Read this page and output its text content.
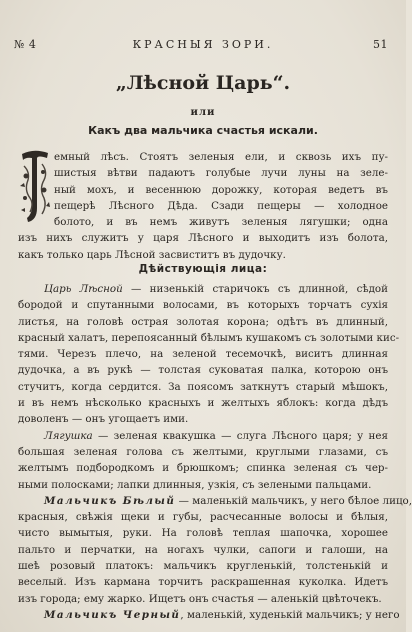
№ 4	КРАСНЫЯ ЗОРИ.	51
„Лѣсной Царь“.
или
Какъ два мальчика счастья искали.
емный лѣсъ. Стоятъ зеленыя ели, и сквозь ихъ пу-
шистыя вѣтви падаютъ голубые лучи луны на зеле-
ный мохъ, и весеннюю дорожку, которая ведетъ въ
пещерѣ Лѣсного Дѣда. Сзади пещеры — холодное
болото, и въ немъ живутъ зеленыя лягушки; одна
изъ нихъ служитъ у царя Лѣсного и выходитъ изъ болота,
какъ только царь Лѣсной засвиститъ въ дудочку.
Дѣйствующія лица:
Царь Лѣсной — низенькій старичокъ съ длинной, сѣдой
бородой и спутанными волосами, въ которыхъ торчатъ сухія
листья, на головѣ острая золотая корона; одѣтъ въ длинный,
красный халатъ, перепоясанный бѣлымъ кушакомъ съ золотыми кис-
тями. Черезъ плечо, на зеленой тесемочкѣ, виситъ длинная
дудочка, а въ рукѣ — толстая суковатая палка, которою онъ
стучитъ, когда сердится. За поясомъ заткнутъ старый мѣшокъ,
и въ немъ нѣсколько красныхъ и желтыхъ яблокъ: когда дѣдъ
доволенъ — онъ угощаетъ ими.
Лягушка — зеленая квакушка — слуга Лѣсного царя; у нея
большая зеленая голова съ желтыми, круглыми глазами, съ
желтымъ подбородкомъ и брюшкомъ; спинка зеленая съ чер-
ными полосками; лапки длинныя, узкія, съ зелеными пальцами.
Мальчикъ Бѣлый — маленькій мальчикъ, у него бѣлое лицо,
красныя, свѣжія щеки и губы, расчесанные волосы и бѣлыя,
чисто вымытыя, руки. На головѣ теплая шапочка, хорошее
пальто и перчатки, на ногахъ чулки, сапоги и галоши, на
шеѣ розовый платокъ: мальчикъ кругленькій, толстенькій и
веселый. Изъ кармана торчитъ раскрашенная куколка. Идетъ
изъ города; ему жарко. Ищетъ онъ счастья — аленькій цвѣточекъ.
Мальчикъ Черный, маленькій, худенькій мальчикъ; у него
